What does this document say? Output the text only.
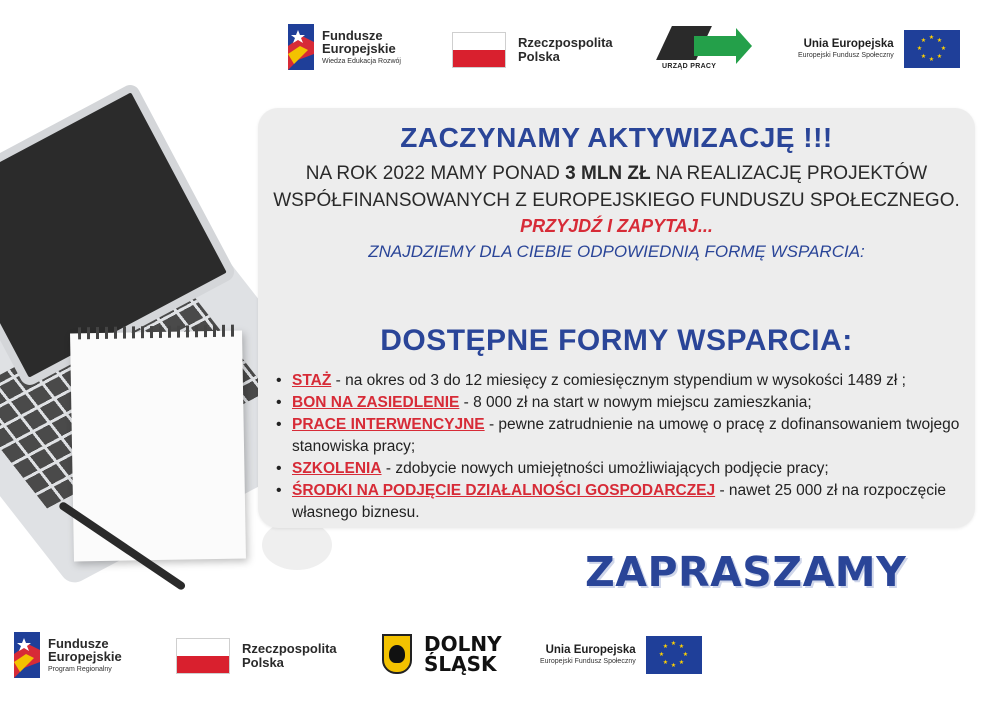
Fundusze
Europejskie
Wiedza Edukacja Rozwój
Rzeczpospolita
Polska
URZĄD PRACY
Unia Europejska
Europejski Fundusz Społeczny
★ ★
★
★
★
★
★
★
ZACZYNAMY AKTYWIZACJĘ !!!
NA ROK 2022 MAMY PONAD 3 MLN ZŁ NA REALIZACJĘ PROJEKTÓW
WSPÓŁFINANSOWANYCH Z EUROPEJSKIEGO FUNDUSZU SPOŁECZNEGO.
PRZYJDŹ I ZAPYTAJ...
ZNAJDZIEMY DLA CIEBIE ODPOWIEDNIĄ FORMĘ WSPARCIA:
DOSTĘPNE FORMY WSPARCIA:
• STAŻ - na okres od 3 do 12 miesięcy z comiesięcznym stypendium w wysokości 1489 zł ;
• BON NA ZASIEDLENIE - 8 000 zł na start w nowym miejscu zamieszkania;
• PRACE INTERWENCYJNE - pewne zatrudnienie na umowę o pracę z dofinansowaniem twojego stanowiska pracy;
• SZKOLENIA - zdobycie nowych umiejętności umożliwiających podjęcie pracy;
• ŚRODKI NA PODJĘCIE DZIAŁALNOŚCI GOSPODARCZEJ - nawet 25 000 zł na rozpoczęcie własnego biznesu.
ZAPRASZAMY
Fundusze
Europejskie
Program Regionalny
Rzeczpospolita
Polska
DOLNY
ŚLĄSK
Unia Europejska
Europejski Fundusz Społeczny
★ ★
★
★
★
★
★
★
